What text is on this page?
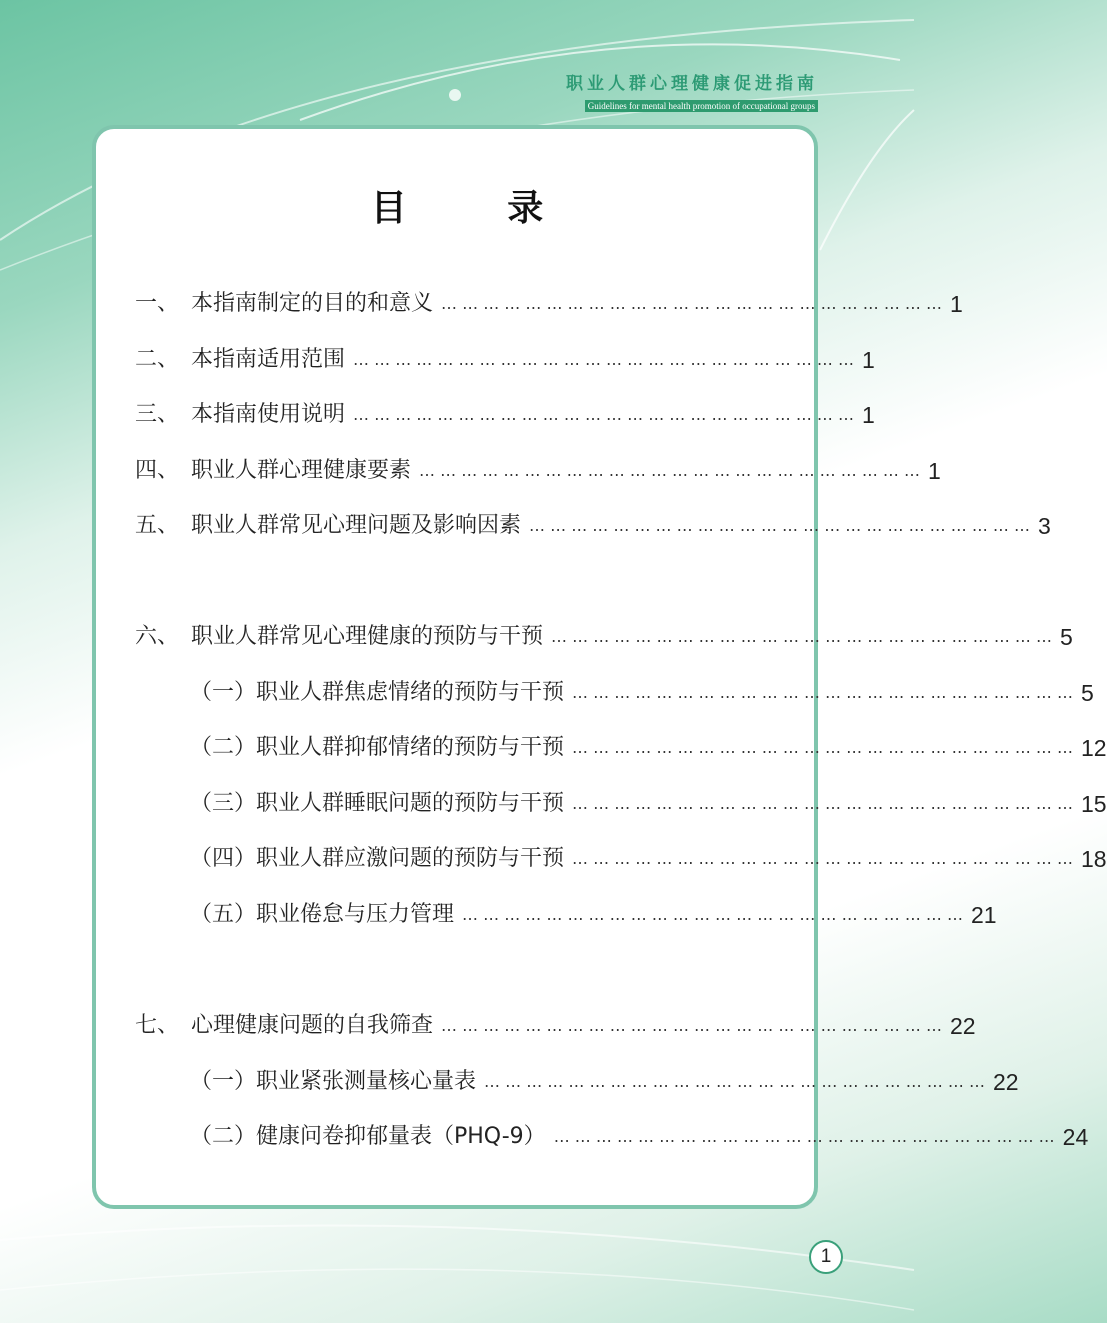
职业人群心理健康促进指南
Guidelines for mental health promotion of occupational groups
目 录
一、 本指南制定的目的和意义 … … … … … … … … … … … … … … … … … … … … … … … … 1
二、 本指南适用范围 … … … … … … … … … … … … … … … … … … … … … … … … 1
三、 本指南使用说明 … … … … … … … … … … … … … … … … … … … … … … … … 1
四、 职业人群心理健康要素 … … … … … … … … … … … … … … … … … … … … … … … … 1
五、 职业人群常见心理问题及影响因素 … … … … … … … … … … … … … … … … … … … … … … … … 3
六、 职业人群常见心理健康的预防与干预 … … … … … … … … … … … … … … … … … … … … … … … … 5
（一）职业人群焦虑情绪的预防与干预 … … … … … … … … … … … … … … … … … … … … … … … … 5
（二）职业人群抑郁情绪的预防与干预 … … … … … … … … … … … … … … … … … … … … … … … … 12
（三）职业人群睡眠问题的预防与干预 … … … … … … … … … … … … … … … … … … … … … … … … 15
（四）职业人群应激问题的预防与干预 … … … … … … … … … … … … … … … … … … … … … … … … 18
（五）职业倦怠与压力管理 … … … … … … … … … … … … … … … … … … … … … … … … 21
七、 心理健康问题的自我筛查 … … … … … … … … … … … … … … … … … … … … … … … … 22
（一）职业紧张测量核心量表 … … … … … … … … … … … … … … … … … … … … … … … … 22
（二）健康问卷抑郁量表（PHQ-9） … … … … … … … … … … … … … … … … … … … … … … … … 24
1
